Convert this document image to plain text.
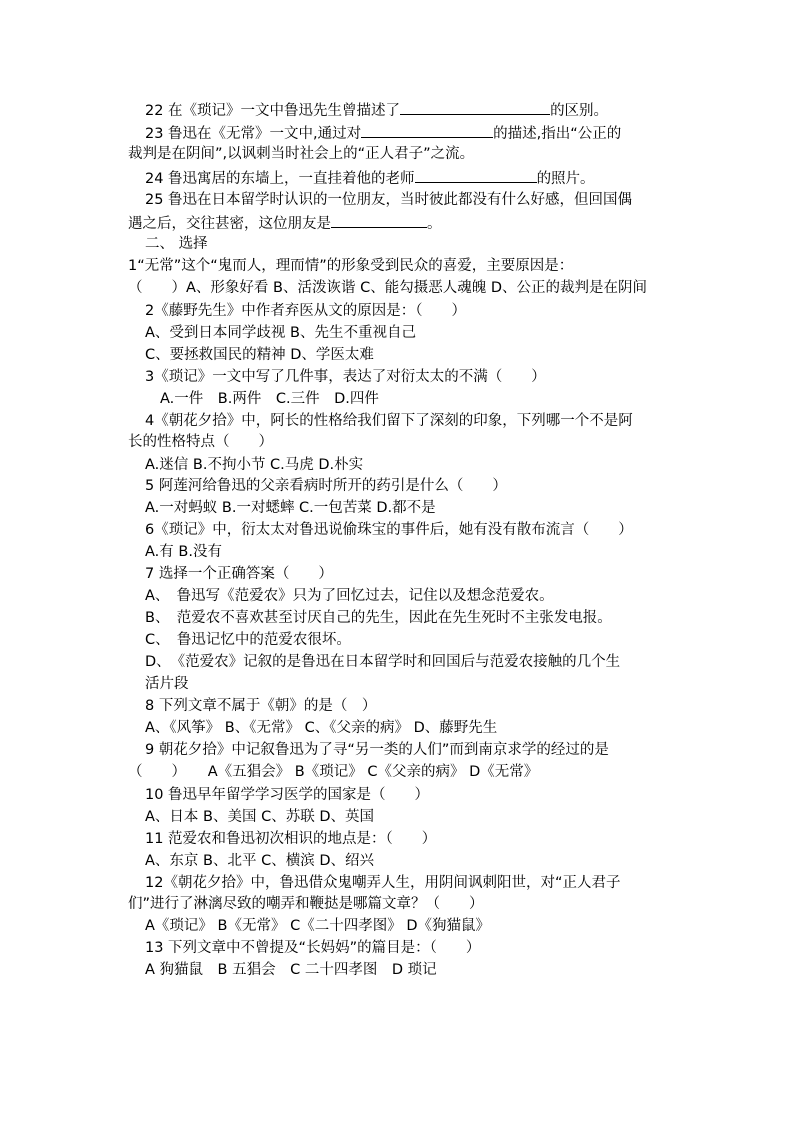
22 在《琐记》一文中鲁迅先生曾描述了	的区别。
23 鲁迅在《无常》一文中,通过对	的描述,指出“公正的
裁判是在阴间”,以讽刺当时社会上的“正人君子”之流。
24 鲁迅寓居的东墙上，一直挂着他的老师	的照片。
25 鲁迅在日本留学时认识的一位朋友，当时彼此都没有什么好感，但回国偶
遇之后，交往甚密，这位朋友是	。
二、 选择
1“无常”这个“鬼而人，理而情”的形象受到民众的喜爱，主要原因是：
（　　）A、形象好看 B、活泼诙谐 C、能勾摄恶人魂魄 D、公正的裁判是在阴间
2《藤野先生》中作者弃医从文的原因是：（　　）
A、受到日本同学歧视 B、先生不重视自己
C、要拯救国民的精神 D、学医太难
3《琐记》一文中写了几件事，表达了对衍太太的不满（　　）
A.一件　B.两件　C.三件　D.四件
4《朝花夕拾》中，阿长的性格给我们留下了深刻的印象，下列哪一个不是阿
长的性格特点（　　）
A.迷信 B.不拘小节 C.马虎 D.朴实
5 阿莲河给鲁迅的父亲看病时所开的药引是什么（　　）
A.一对蚂蚁 B.一对蟋蟀 C.一包苦菜 D.都不是
6《琐记》中，衍太太对鲁迅说偷珠宝的事件后，她有没有散布流言（　　）
A.有 B.没有
7 选择一个正确答案（　　）
A、　鲁迅写《范爱农》只为了回忆过去，记住以及想念范爱农。
B、　范爱农不喜欢甚至讨厌自己的先生，因此在先生死时不主张发电报。
C、　鲁迅记忆中的范爱农很坏。
D、　《范爱农》记叙的是鲁迅在日本留学时和回国后与范爱农接触的几个生
活片段
8 下列文章不属于《朝》的是（　）
A、《风筝》 B、《无常》 C、《父亲的病》 D、藤野先生
9 朝花夕拾》中记叙鲁迅为了寻“另一类的人们”而到南京求学的经过的是
（　　）　　A《五猖会》 B《琐记》 C《父亲的病》 D《无常》
10 鲁迅早年留学学习医学的国家是（　　）
A、日本 B、美国 C、苏联 D、英国
11 范爱农和鲁迅初次相识的地点是：（　　）
A、东京 B、北平 C、横滨 D、绍兴
12《朝花夕拾》中，鲁迅借众鬼嘲弄人生，用阴间讽刺阳世，对“正人君子
们”进行了淋漓尽致的嘲弄和鞭挞是哪篇文章？（　　）
A《琐记》 B《无常》 C《二十四孝图》 D《狗猫鼠》
13 下列文章中不曾提及“长妈妈”的篇目是：（　　）
A 狗猫鼠　B 五猖会　C 二十四孝图　D 琐记
